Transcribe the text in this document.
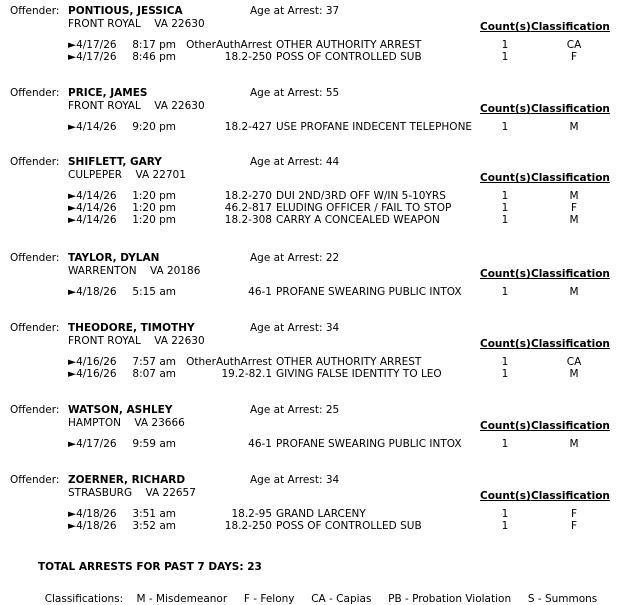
Offender: PONTIOUS, JESSICA	Age at Arrest: 37
FRONT ROYAL VA 22630	Count(s) Classification
►4/17/26	8:17 pm OtherAuthArrest OTHER AUTHORITY ARREST	1	CA
►4/17/26	8:46 pm	18.2-250 POSS OF CONTROLLED SUB	1	F
Offender: PRICE, JAMES	Age at Arrest: 55
FRONT ROYAL VA 22630	Count(s) Classification
►4/14/26	9:20 pm	18.2-427 USE PROFANE INDECENT TELEPHONE	1	M
Offender: SHIFLETT, GARY	Age at Arrest: 44
CULPEPER VA 22701	Count(s) Classification
►4/14/26	1:20 pm	18.2-270 DUI 2ND/3RD OFF W/IN 5-10YRS	1	M
►4/14/26	1:20 pm	46.2-817 ELUDING OFFICER / FAIL TO STOP	1	F
►4/14/26	1:20 pm	18.2-308 CARRY A CONCEALED WEAPON	1	M
Offender: TAYLOR, DYLAN	Age at Arrest: 22
WARRENTON VA 20186	Count(s) Classification
►4/18/26	5:15 am	46-1 PROFANE SWEARING PUBLIC INTOX	1	M
Offender: THEODORE, TIMOTHY	Age at Arrest: 34
FRONT ROYAL VA 22630	Count(s) Classification
►4/16/26	7:57 am OtherAuthArrest OTHER AUTHORITY ARREST	1	CA
►4/16/26	8:07 am	19.2-82.1 GIVING FALSE IDENTITY TO LEO	1	M
Offender: WATSON, ASHLEY	Age at Arrest: 25
HAMPTON VA 23666	Count(s) Classification
►4/17/26	9:59 am	46-1 PROFANE SWEARING PUBLIC INTOX	1	M
Offender: ZOERNER, RICHARD	Age at Arrest: 34
STRASBURG VA 22657	Count(s) Classification
►4/18/26	3:51 am	18.2-95 GRAND LARCENY	1	F
►4/18/26	3:52 am	18.2-250 POSS OF CONTROLLED SUB	1	F
TOTAL ARRESTS FOR PAST 7 DAYS: 23

Classifications: M - Misdemeanor F - Felony CA - Capias PB - Probation Violation S - Summons
